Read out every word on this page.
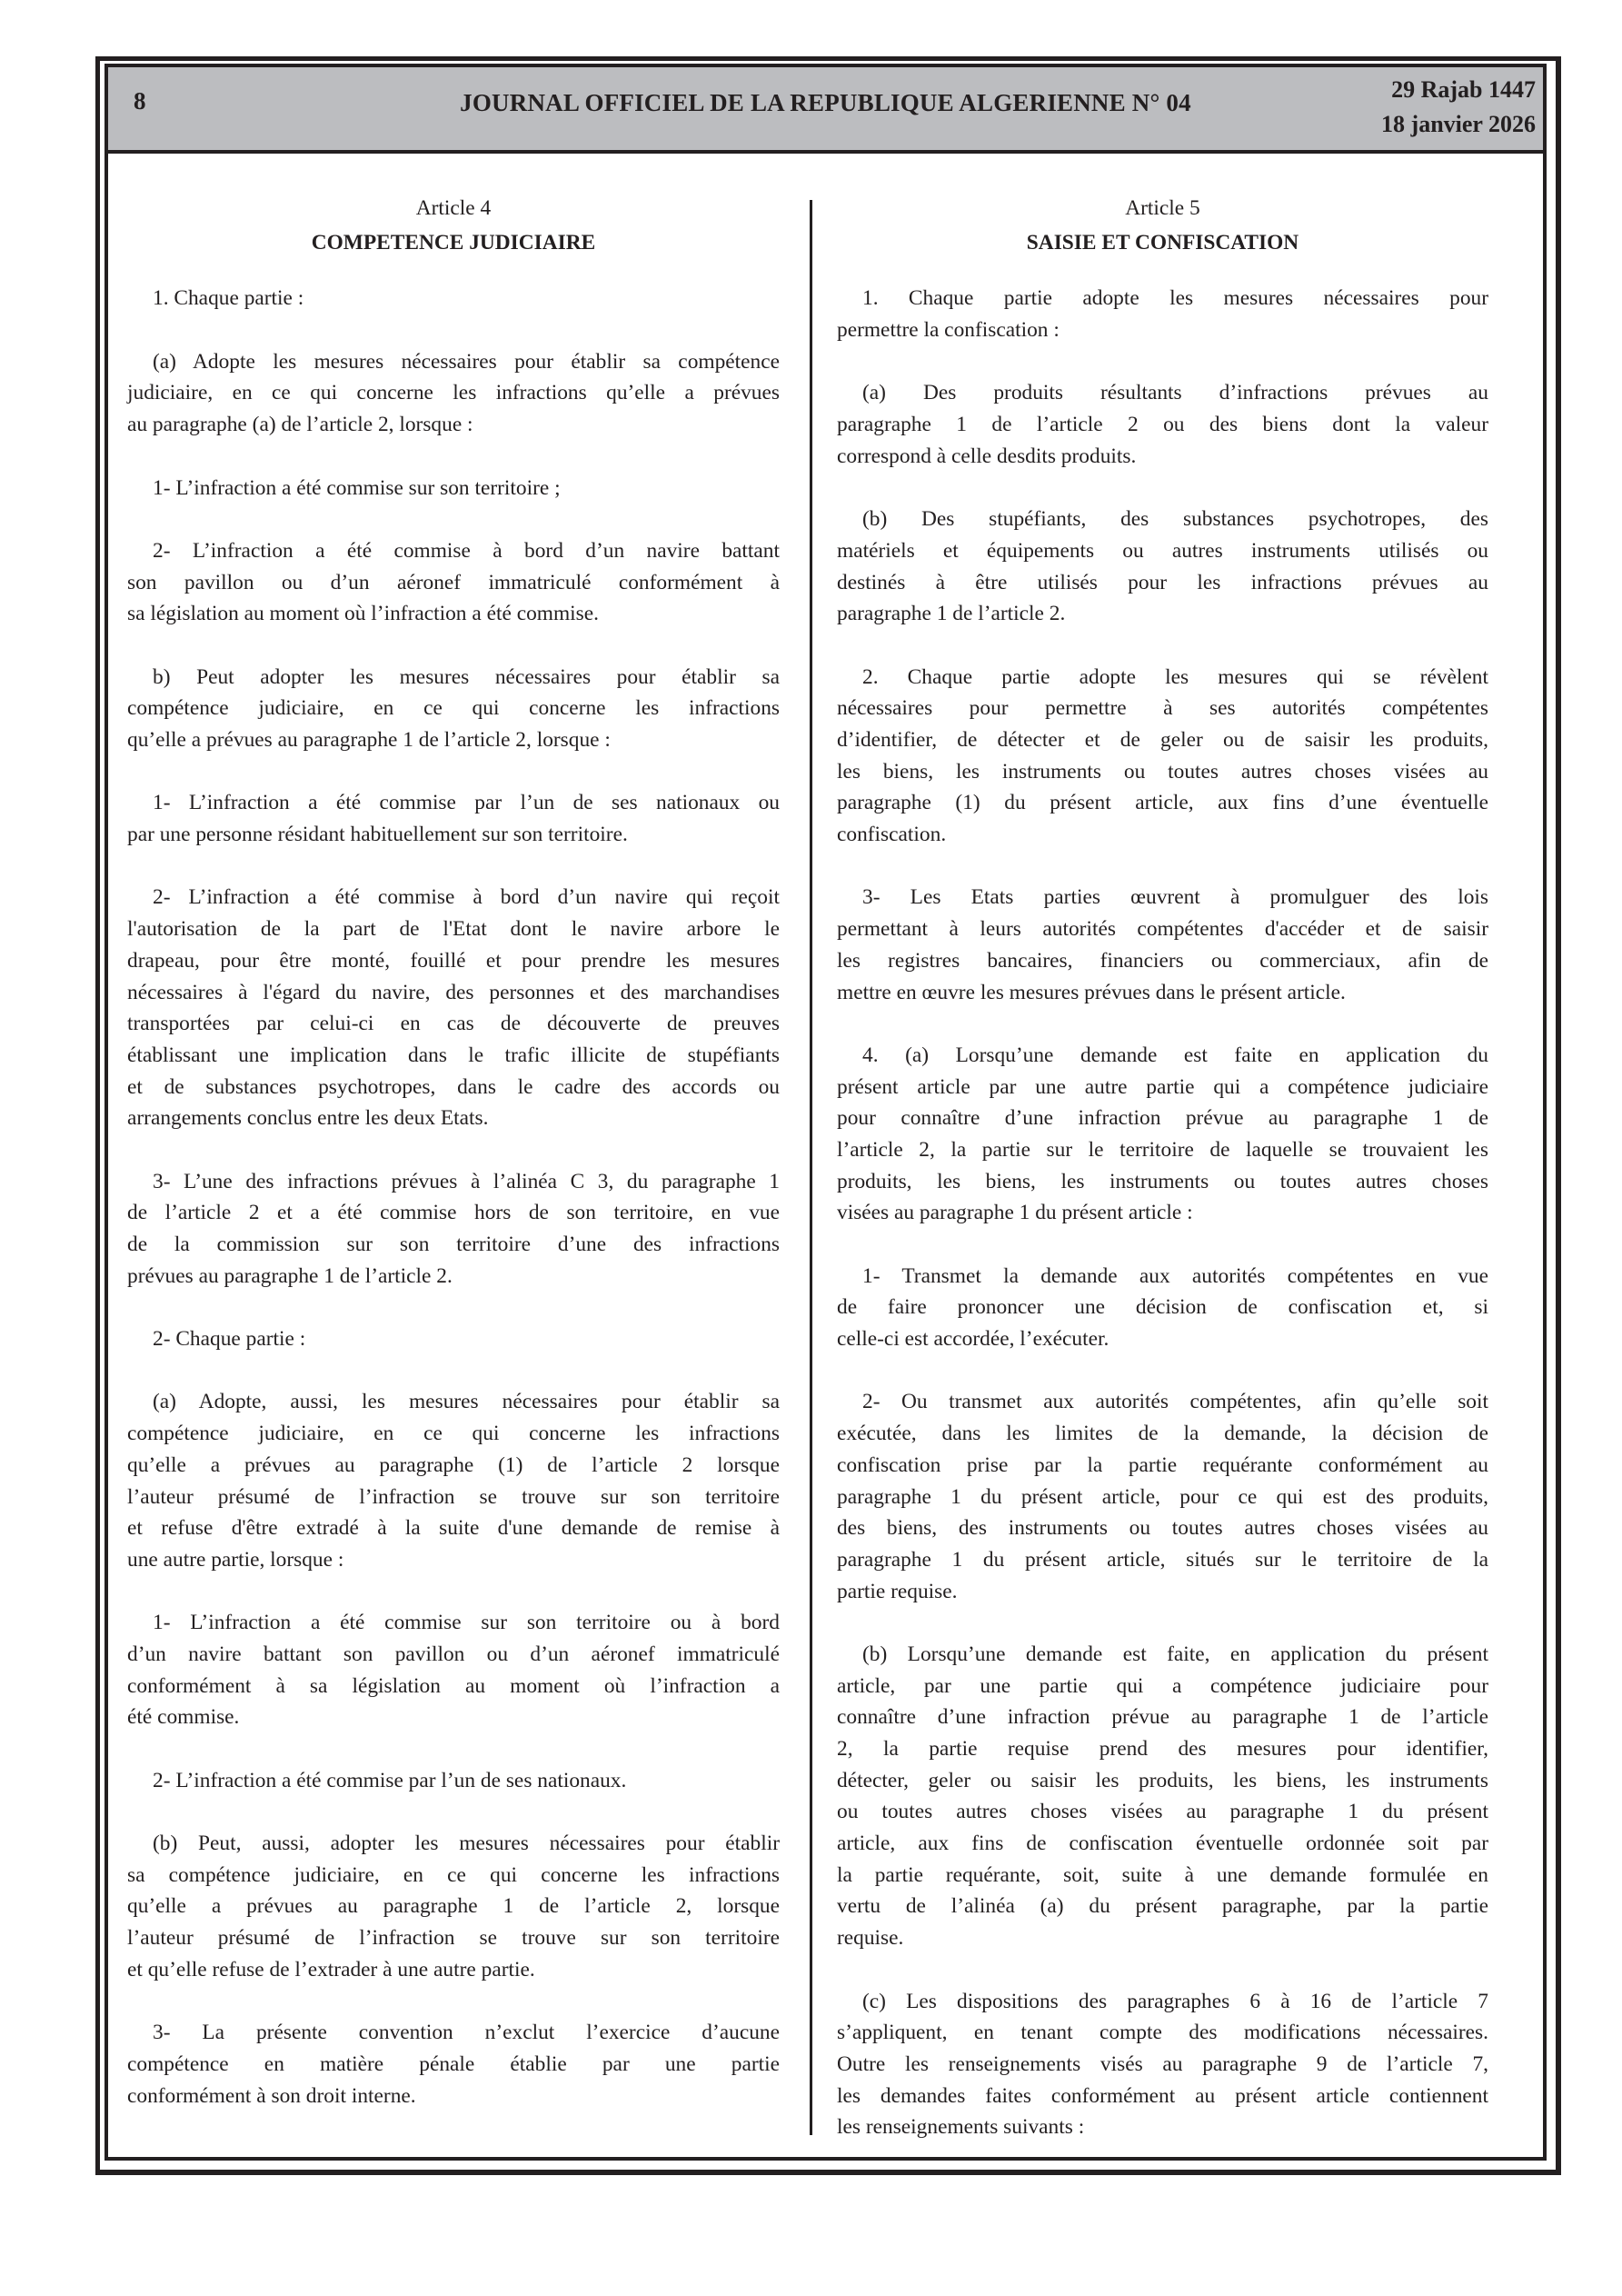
8	JOURNAL OFFICIEL DE LA REPUBLIQUE ALGERIENNE N° 04	29 Rajab 1447
18 janvier 2026
Article 4
COMPETENCE JUDICIAIRE
1. Chaque partie :
(a) Adopte les mesures nécessaires pour établir sa compétence
judiciaire, en ce qui concerne les infractions qu’elle a prévues
au paragraphe (a) de l’article 2, lorsque :
1- L’infraction a été commise sur son territoire ;
2- L’infraction a été commise à bord d’un navire battant
son pavillon ou d’un aéronef immatriculé conformément à
sa législation au moment où l’infraction a été commise.
b) Peut adopter les mesures nécessaires pour établir sa
compétence judiciaire, en ce qui concerne les infractions
qu’elle a prévues au paragraphe 1 de l’article 2, lorsque :
1- L’infraction a été commise par l’un de ses nationaux ou
par une personne résidant habituellement sur son territoire.
2- L’infraction a été commise à bord d’un navire qui reçoit
l'autorisation de la part de l'Etat dont le navire arbore le
drapeau, pour être monté, fouillé et pour prendre les mesures
nécessaires à l'égard du navire, des personnes et des marchandises
transportées par celui-ci en cas de découverte de preuves
établissant une implication dans le trafic illicite de stupéfiants
et de substances psychotropes, dans le cadre des accords ou
arrangements conclus entre les deux Etats.
3- L’une des infractions prévues à l’alinéa C 3, du paragraphe 1
de l’article 2 et a été commise hors de son territoire, en vue
de la commission sur son territoire d’une des infractions
prévues au paragraphe 1 de l’article 2.
2- Chaque partie :
(a) Adopte, aussi, les mesures nécessaires pour établir sa
compétence judiciaire, en ce qui concerne les infractions
qu’elle a prévues au paragraphe (1) de l’article 2 lorsque
l’auteur présumé de l’infraction se trouve sur son territoire
et refuse d'être extradé à la suite d'une demande de remise à
une autre partie, lorsque :
1- L’infraction a été commise sur son territoire ou à bord
d’un navire battant son pavillon ou d’un aéronef immatriculé
conformément à sa législation au moment où l’infraction a
été commise.
2- L’infraction a été commise par l’un de ses nationaux.
(b) Peut, aussi, adopter les mesures nécessaires pour établir
sa compétence judiciaire, en ce qui concerne les infractions
qu’elle a prévues au paragraphe 1 de l’article 2, lorsque
l’auteur présumé de l’infraction se trouve sur son territoire
et qu’elle refuse de l’extrader à une autre partie.
3- La présente convention n’exclut l’exercice d’aucune
compétence en matière pénale établie par une partie
conformément à son droit interne.
Article 5
SAISIE ET CONFISCATION
1. Chaque partie adopte les mesures nécessaires pour
permettre la confiscation :
(a) Des produits résultants d’infractions prévues au
paragraphe 1 de l’article 2 ou des biens dont la valeur
correspond à celle desdits produits.
(b) Des stupéfiants, des substances psychotropes, des
matériels et équipements ou autres instruments utilisés ou
destinés à être utilisés pour les infractions prévues au
paragraphe 1 de l’article 2.
2. Chaque partie adopte les mesures qui se révèlent
nécessaires pour permettre à ses autorités compétentes
d’identifier, de détecter et de geler ou de saisir les produits,
les biens, les instruments ou toutes autres choses visées au
paragraphe (1) du présent article, aux fins d’une éventuelle
confiscation.
3- Les Etats parties œuvrent à promulguer des lois
permettant à leurs autorités compétentes d'accéder et de saisir
les registres bancaires, financiers ou commerciaux, afin de
mettre en œuvre les mesures prévues dans le présent article.
4. (a) Lorsqu’une demande est faite en application du
présent article par une autre partie qui a compétence judiciaire
pour connaître d’une infraction prévue au paragraphe 1 de
l’article 2, la partie sur le territoire de laquelle se trouvaient les
produits, les biens, les instruments ou toutes autres choses
visées au paragraphe 1 du présent article :
1- Transmet la demande aux autorités compétentes en vue
de faire prononcer une décision de confiscation et, si
celle-ci est accordée, l’exécuter.
2- Ou transmet aux autorités compétentes, afin qu’elle soit
exécutée, dans les limites de la demande, la décision de
confiscation prise par la partie requérante conformément au
paragraphe 1 du présent article, pour ce qui est des produits,
des biens, des instruments ou toutes autres choses visées au
paragraphe 1 du présent article, situés sur le territoire de la
partie requise.
(b) Lorsqu’une demande est faite, en application du présent
article, par une partie qui a compétence judiciaire pour
connaître d’une infraction prévue au paragraphe 1 de l’article
2, la partie requise prend des mesures pour identifier,
détecter, geler ou saisir les produits, les biens, les instruments
ou toutes autres choses visées au paragraphe 1 du présent
article, aux fins de confiscation éventuelle ordonnée soit par
la partie requérante, soit, suite à une demande formulée en
vertu de l’alinéa (a) du présent paragraphe, par la partie
requise.
(c) Les dispositions des paragraphes 6 à 16 de l’article 7
s’appliquent, en tenant compte des modifications nécessaires.
Outre les renseignements visés au paragraphe 9 de l’article 7,
les demandes faites conformément au présent article contiennent
les renseignements suivants :
